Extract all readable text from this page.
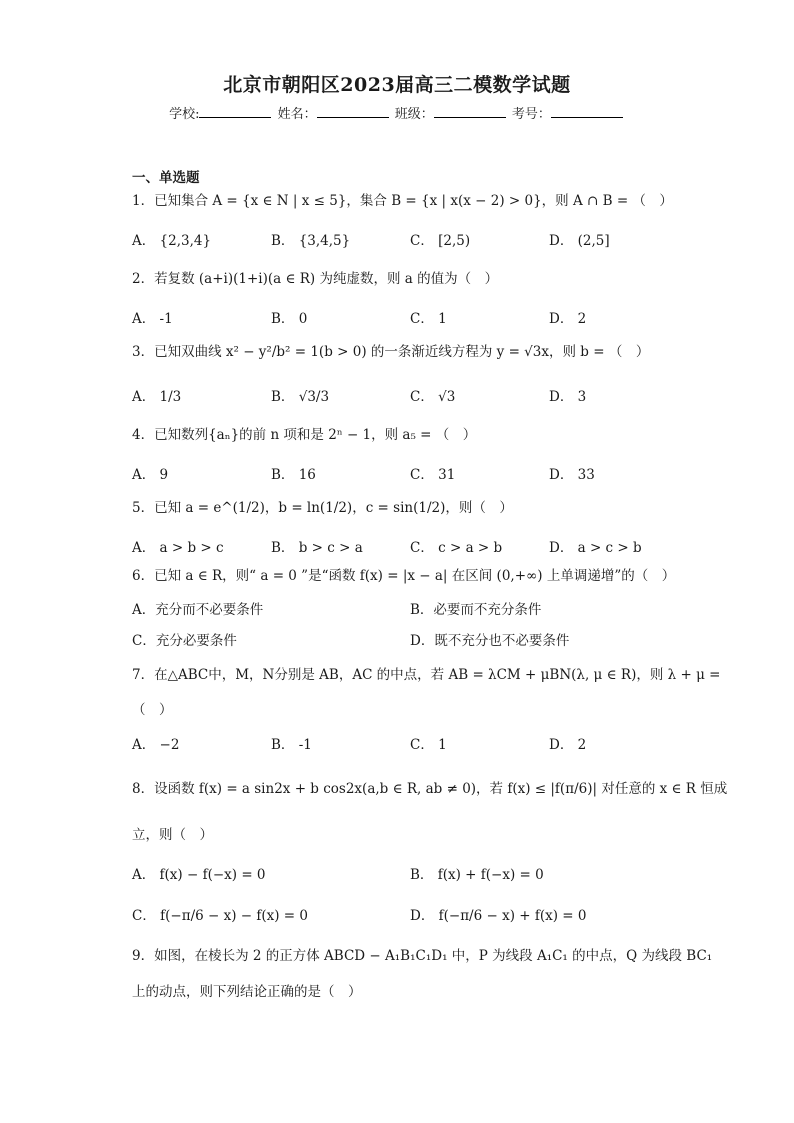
北京市朝阳区2023届高三二模数学试题
学校:	姓名：	班级：	考号：
一、单选题
1．已知集合 A = {x ∈ N | x ≤ 5}，集合 B = {x | x(x − 2) > 0}，则 A ∩ B = （　）
A． {2,3,4}	B． {3,4,5}	C． [2,5)	D． (2,5]
2．若复数 (a+i)(1+i)(a ∈ R) 为纯虚数，则 a 的值为（　）
A． -1	B． 0	C． 1	D． 2
3．已知双曲线 x² − y²/b² = 1(b > 0) 的一条渐近线方程为 y = √3x，则 b = （　）
A． 1/3	B． √3/3	C． √3	D． 3
4．已知数列{aₙ}的前 n 项和是 2ⁿ − 1，则 a₅ = （　）
A． 9	B． 16	C． 31	D． 33
5．已知 a = e^(1/2)，b = ln(1/2)，c = sin(1/2)，则（　）
A． a > b > c	B． b > c > a	C． c > a > b	D． a > c > b
6．已知 a ∈ R，则“ a = 0 ”是“函数 f(x) = |x − a| 在区间 (0,+∞) 上单调递增”的（　）
A．充分而不必要条件	B．必要而不充分条件
C．充分必要条件	D．既不充分也不必要条件
7．在△ABC中，M，N分别是 AB，AC 的中点，若 AB = λCM + μBN(λ, μ ∈ R)，则 λ + μ =
（　）
A． −2	B． -1	C． 1	D． 2
8．设函数 f(x) = a sin2x + b cos2x(a,b ∈ R, ab ≠ 0)，若 f(x) ≤ |f(π/6)| 对任意的 x ∈ R 恒成
立，则（　）
A． f(x) − f(−x) = 0	B． f(x) + f(−x) = 0
C． f(−π/6 − x) − f(x) = 0	D． f(−π/6 − x) + f(x) = 0
9．如图，在棱长为 2 的正方体 ABCD − A₁B₁C₁D₁ 中，P 为线段 A₁C₁ 的中点，Q 为线段 BC₁
上的动点，则下列结论正确的是（　）
